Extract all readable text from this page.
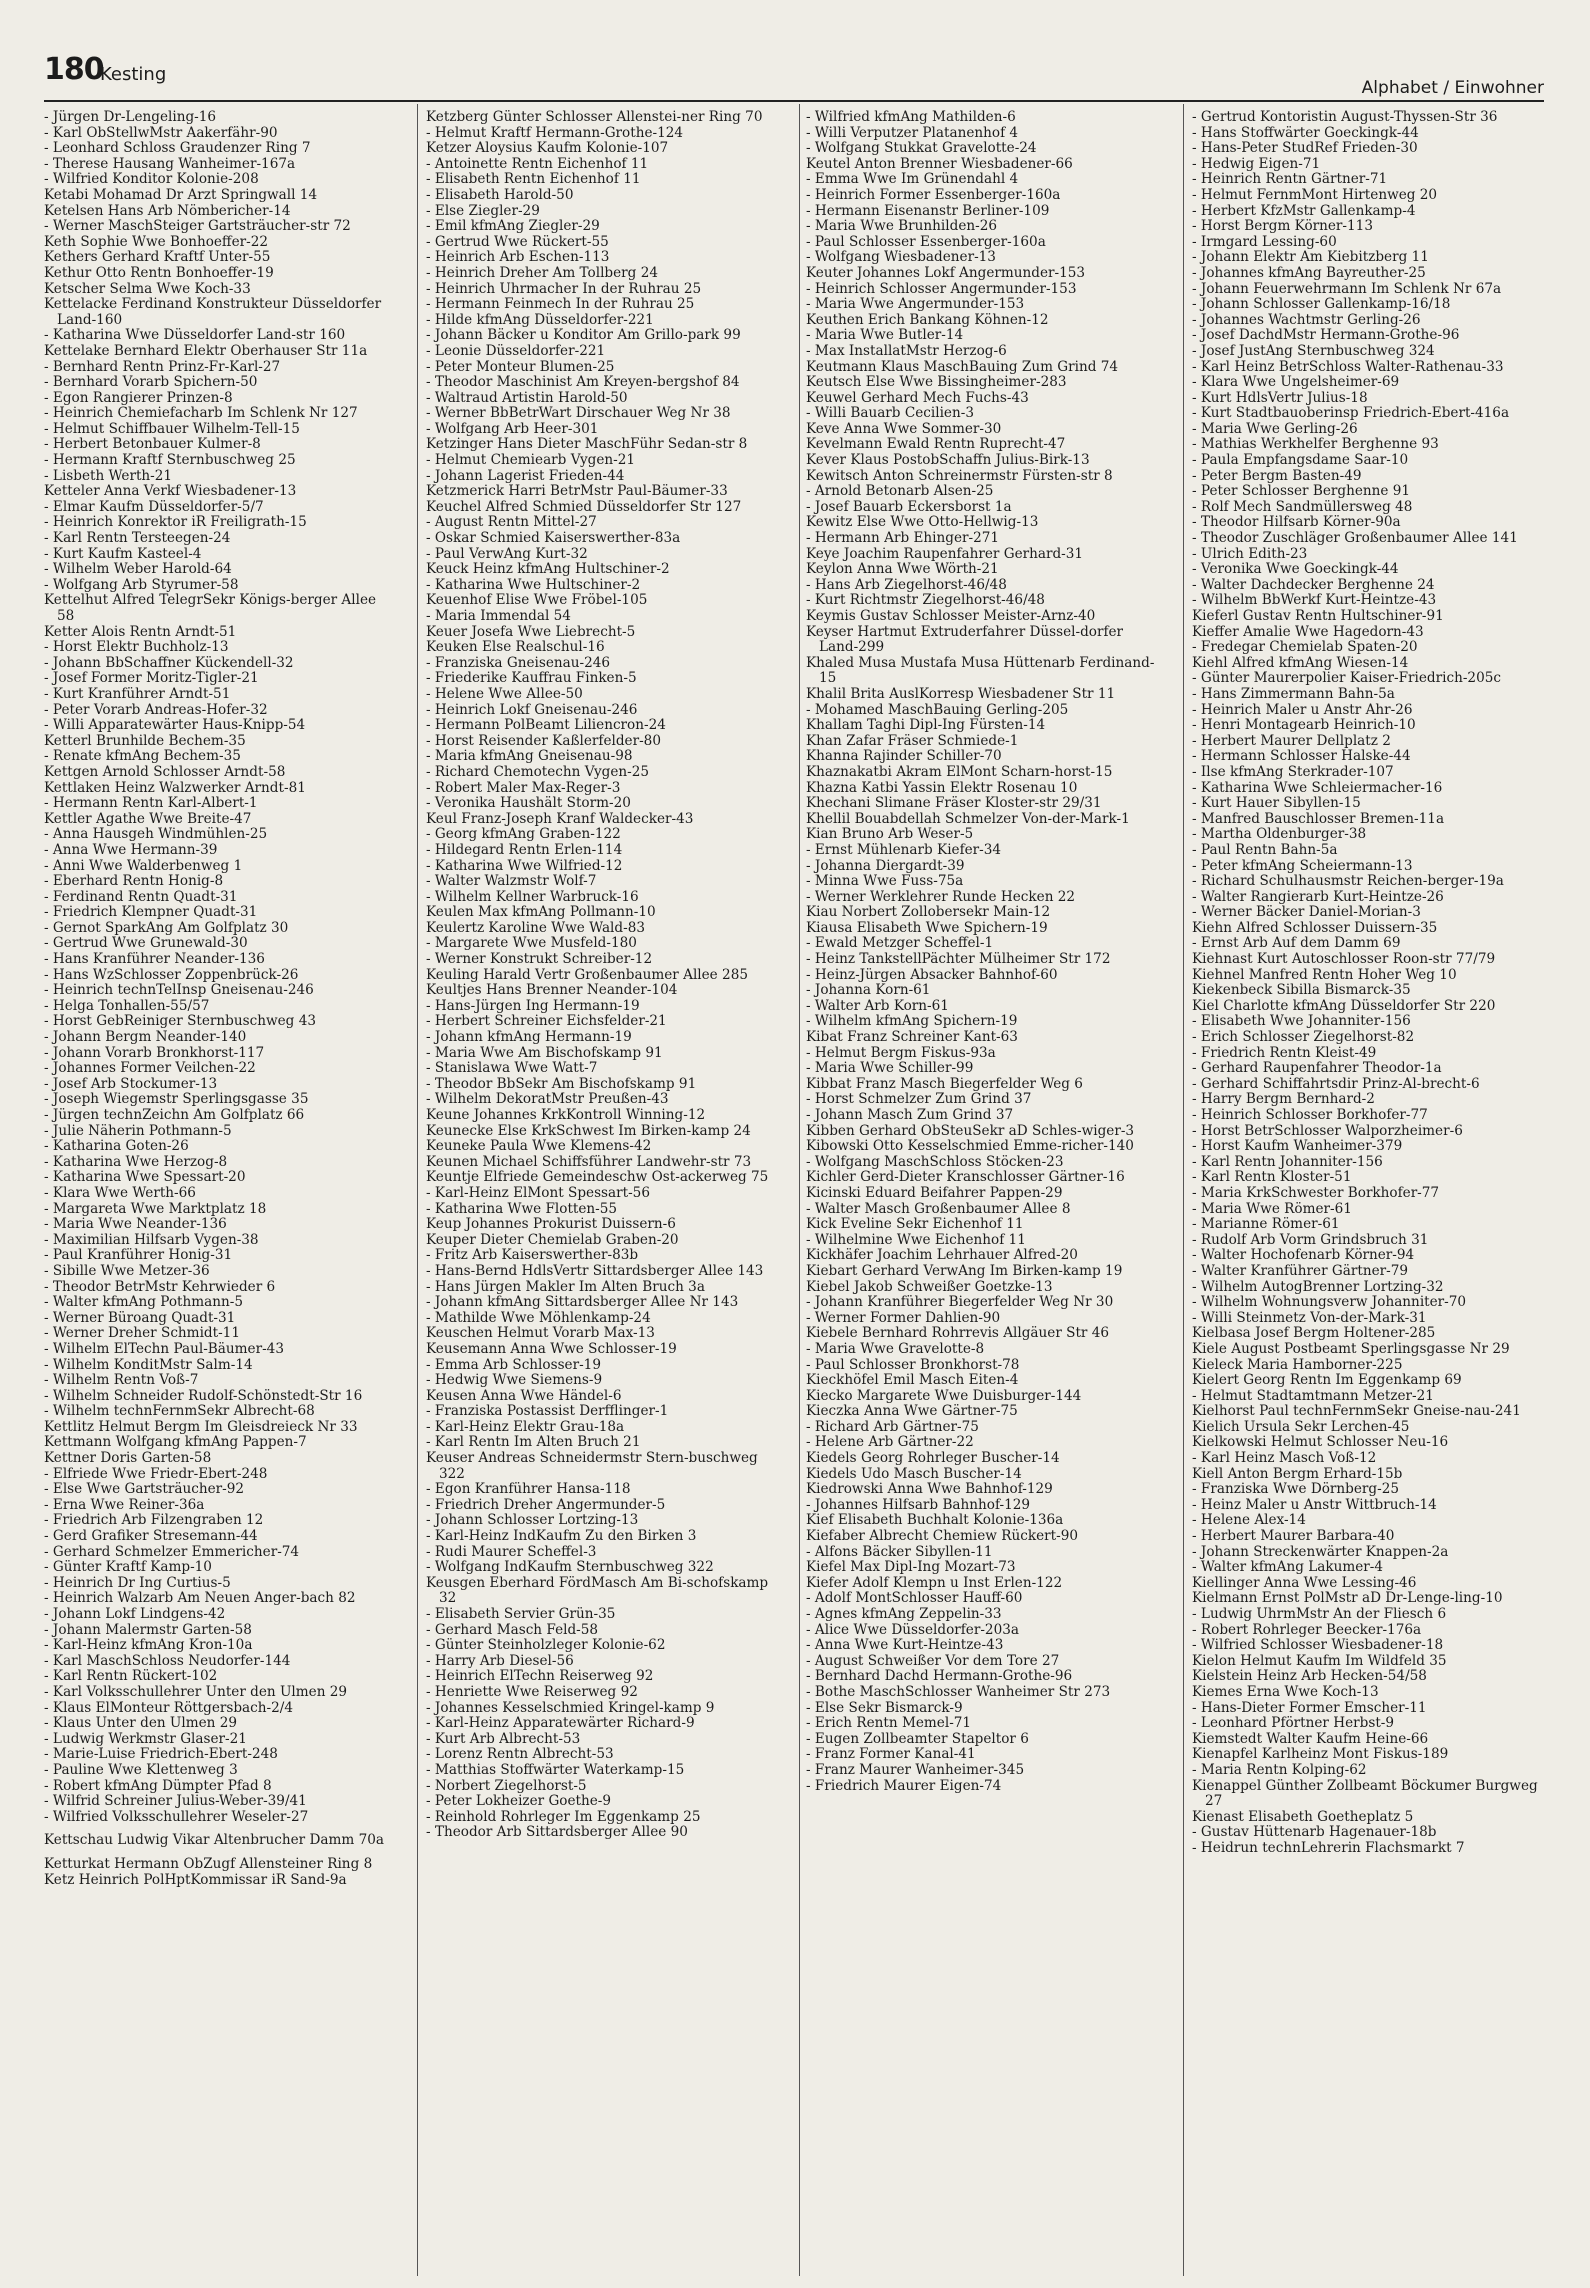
180
Kesting
Alphabet / Einwohner

- Jürgen Dr-Lengeling-16

- Karl ObStellwMstr Aakerfähr-90

- Leonhard Schloss Graudenzer Ring 7

- Therese Hausang Wanheimer-167a

- Wilfried Konditor Kolonie-208

Ketabi Mohamad Dr Arzt Springwall 14

Ketelsen Hans Arb Nömbericher-14

- Werner MaschSteiger Gartsträucher-str 72

Keth Sophie Wwe Bonhoeffer-22

Kethers Gerhard Kraftf Unter-55

Kethur Otto Rentn Bonhoeffer-19

Ketscher Selma Wwe Koch-33

Kettelacke Ferdinand Konstrukteur Düsseldorfer Land-160

- Katharina Wwe Düsseldorfer Land-str 160

Kettelake Bernhard Elektr Oberhauser Str 11a

- Bernhard Rentn Prinz-Fr-Karl-27

- Bernhard Vorarb Spichern-50

- Egon Rangierer Prinzen-8

- Heinrich Chemiefacharb Im Schlenk Nr 127

- Helmut Schiffbauer Wilhelm-Tell-15

- Herbert Betonbauer Kulmer-8

- Hermann Kraftf Sternbuschweg 25

- Lisbeth Werth-21

Ketteler Anna Verkf Wiesbadener-13

- Elmar Kaufm Düsseldorfer-5/7

- Heinrich Konrektor iR Freiligrath-15

- Karl Rentn Tersteegen-24

- Kurt Kaufm Kasteel-4

- Wilhelm Weber Harold-64

- Wolfgang Arb Styrumer-58

Kettelhut Alfred TelegrSekr Königs-berger Allee 58

Ketter Alois Rentn Arndt-51

- Horst Elektr Buchholz-13

- Johann BbSchaffner Kückendell-32

- Josef Former Moritz-Tigler-21

- Kurt Kranführer Arndt-51

- Peter Vorarb Andreas-Hofer-32

- Willi Apparatewärter Haus-Knipp-54

Ketterl Brunhilde Bechem-35

- Renate kfmAng Bechem-35

Kettgen Arnold Schlosser Arndt-58

Kettlaken Heinz Walzwerker Arndt-81

- Hermann Rentn Karl-Albert-1

Kettler Agathe Wwe Breite-47

- Anna Hausgeh Windmühlen-25

- Anna Wwe Hermann-39

- Anni Wwe Walderbenweg 1

- Eberhard Rentn Honig-8

- Ferdinand Rentn Quadt-31

- Friedrich Klempner Quadt-31

- Gernot SparkAng Am Golfplatz 30

- Gertrud Wwe Grunewald-30

- Hans Kranführer Neander-136

- Hans WzSchlosser Zoppenbrück-26

- Heinrich technTelInsp Gneisenau-246

- Helga Tonhallen-55/57

- Horst GebReiniger Sternbuschweg 43

- Johann Bergm Neander-140

- Johann Vorarb Bronkhorst-117

- Johannes Former Veilchen-22

- Josef Arb Stockumer-13

- Joseph Wiegemstr Sperlingsgasse 35

- Jürgen technZeichn Am Golfplatz 66

- Julie Näherin Pothmann-5

- Katharina Goten-26

- Katharina Wwe Herzog-8

- Katharina Wwe Spessart-20

- Klara Wwe Werth-66

- Margareta Wwe Marktplatz 18

- Maria Wwe Neander-136

- Maximilian Hilfsarb Vygen-38

- Paul Kranführer Honig-31

- Sibille Wwe Metzer-36

- Theodor BetrMstr Kehrwieder 6

- Walter kfmAng Pothmann-5

- Werner Büroang Quadt-31

- Werner Dreher Schmidt-11

- Wilhelm ElTechn Paul-Bäumer-43

- Wilhelm KonditMstr Salm-14

- Wilhelm Rentn Voß-7

- Wilhelm Schneider Rudolf-Schönstedt-Str 16

- Wilhelm technFernmSekr Albrecht-68

Kettlitz Helmut Bergm Im Gleisdreieck Nr 33

Kettmann Wolfgang kfmAng Pappen-7

Kettner Doris Garten-58

- Elfriede Wwe Friedr-Ebert-248

- Else Wwe Gartsträucher-92

- Erna Wwe Reiner-36a

- Friedrich Arb Filzengraben 12

- Gerd Grafiker Stresemann-44

- Gerhard Schmelzer Emmericher-74

- Günter Kraftf Kamp-10

- Heinrich Dr Ing Curtius-5

- Heinrich Walzarb Am Neuen Anger-bach 82

- Johann Lokf Lindgens-42

- Johann Malermstr Garten-58

- Karl-Heinz kfmAng Kron-10a

- Karl MaschSchloss Neudorfer-144

- Karl Rentn Rückert-102

- Karl Volksschullehrer Unter den Ulmen 29

- Klaus ElMonteur Röttgersbach-2/4

- Klaus Unter den Ulmen 29

- Ludwig Werkmstr Glaser-21

- Marie-Luise Friedrich-Ebert-248

- Pauline Wwe Klettenweg 3

- Robert kfmAng Dümpter Pfad 8

- Wilfrid Schreiner Julius-Weber-39/41

- Wilfried Volksschullehrer Weseler-27

Kettschau Ludwig Vikar Altenbrucher Damm 70a

Ketturkat Hermann ObZugf Allensteiner Ring 8

Ketz Heinrich PolHptKommissar iR Sand-9a

Ketzberg Günter Schlosser Allenstei-ner Ring 70

- Helmut Kraftf Hermann-Grothe-124

Ketzer Aloysius Kaufm Kolonie-107

- Antoinette Rentn Eichenhof 11

- Elisabeth Rentn Eichenhof 11

- Elisabeth Harold-50

- Else Ziegler-29

- Emil kfmAng Ziegler-29

- Gertrud Wwe Rückert-55

- Heinrich Arb Eschen-113

- Heinrich Dreher Am Tollberg 24

- Heinrich Uhrmacher In der Ruhrau 25

- Hermann Feinmech In der Ruhrau 25

- Hilde kfmAng Düsseldorfer-221

- Johann Bäcker u Konditor Am Grillo-park 99

- Leonie Düsseldorfer-221

- Peter Monteur Blumen-25

- Theodor Maschinist Am Kreyen-bergshof 84

- Waltraud Artistin Harold-50

- Werner BbBetrWart Dirschauer Weg Nr 38

- Wolfgang Arb Heer-301

Ketzinger Hans Dieter MaschFühr Sedan-str 8

- Helmut Chemiearb Vygen-21

- Johann Lagerist Frieden-44

Ketzmerick Harri BetrMstr Paul-Bäumer-33

Keuchel Alfred Schmied Düsseldorfer Str 127

- August Rentn Mittel-27

- Oskar Schmied Kaiserswerther-83a

- Paul VerwAng Kurt-32

Keuck Heinz kfmAng Hultschiner-2

- Katharina Wwe Hultschiner-2

Keuenhof Elise Wwe Fröbel-105

- Maria Immendal 54

Keuer Josefa Wwe Liebrecht-5

Keuken Else Realschul-16

- Franziska Gneisenau-246

- Friederike Kauffrau Finken-5

- Helene Wwe Allee-50

- Heinrich Lokf Gneisenau-246

- Hermann PolBeamt Liliencron-24

- Horst Reisender Kaßlerfelder-80

- Maria kfmAng Gneisenau-98

- Richard Chemotechn Vygen-25

- Robert Maler Max-Reger-3

- Veronika Haushält Storm-20

Keul Franz-Joseph Kranf Waldecker-43

- Georg kfmAng Graben-122

- Hildegard Rentn Erlen-114

- Katharina Wwe Wilfried-12

- Walter Walzmstr Wolf-7

- Wilhelm Kellner Warbruck-16

Keulen Max kfmAng Pollmann-10

Keulertz Karoline Wwe Wald-83

- Margarete Wwe Musfeld-180

- Werner Konstrukt Schreiber-12

Keuling Harald Vertr Großenbaumer Allee 285

Keultjes Hans Brenner Neander-104

- Hans-Jürgen Ing Hermann-19

- Herbert Schreiner Eichsfelder-21

- Johann kfmAng Hermann-19

- Maria Wwe Am Bischofskamp 91

- Stanislawa Wwe Watt-7

- Theodor BbSekr Am Bischofskamp 91

- Wilhelm DekoratMstr Preußen-43

Keune Johannes KrkKontroll Winning-12

Keunecke Else KrkSchwest Im Birken-kamp 24

Keuneke Paula Wwe Klemens-42

Keunen Michael Schiffsführer Landwehr-str 73

Keuntje Elfriede Gemeindeschw Ost-ackerweg 75

- Karl-Heinz ElMont Spessart-56

- Katharina Wwe Flotten-55

Keup Johannes Prokurist Duissern-6

Keuper Dieter Chemielab Graben-20

- Fritz Arb Kaiserswerther-83b

- Hans-Bernd HdlsVertr Sittardsberger Allee 143

- Hans Jürgen Makler Im Alten Bruch 3a

- Johann kfmAng Sittardsberger Allee Nr 143

- Mathilde Wwe Möhlenkamp-24

Keuschen Helmut Vorarb Max-13

Keusemann Anna Wwe Schlosser-19

- Emma Arb Schlosser-19

- Hedwig Wwe Siemens-9

Keusen Anna Wwe Händel-6

- Franziska Postassist Derfflinger-1

- Karl-Heinz Elektr Grau-18a

- Karl Rentn Im Alten Bruch 21

Keuser Andreas Schneidermstr Stern-buschweg 322

- Egon Kranführer Hansa-118

- Friedrich Dreher Angermunder-5

- Johann Schlosser Lortzing-13

- Karl-Heinz IndKaufm Zu den Birken 3

- Rudi Maurer Scheffel-3

- Wolfgang IndKaufm Sternbuschweg 322

Keusgen Eberhard FördMasch Am Bi-schofskamp 32

- Elisabeth Servier Grün-35

- Gerhard Masch Feld-58

- Günter Steinholzleger Kolonie-62

- Harry Arb Diesel-56

- Heinrich ElTechn Reiserweg 92

- Henriette Wwe Reiserweg 92

- Johannes Kesselschmied Kringel-kamp 9

- Karl-Heinz Apparatewärter Richard-9

- Kurt Arb Albrecht-53

- Lorenz Rentn Albrecht-53

- Matthias Stoffwärter Waterkamp-15

- Norbert Ziegelhorst-5

- Peter Lokheizer Goethe-9

- Reinhold Rohrleger Im Eggenkamp 25

- Theodor Arb Sittardsberger Allee 90

- Wilfried kfmAng Mathilden-6

- Willi Verputzer Platanenhof 4

- Wolfgang Stukkat Gravelotte-24

Keutel Anton Brenner Wiesbadener-66

- Emma Wwe Im Grünendahl 4

- Heinrich Former Essenberger-160a

- Hermann Eisenanstr Berliner-109

- Maria Wwe Brunhilden-26

- Paul Schlosser Essenberger-160a

- Wolfgang Wiesbadener-13

Keuter Johannes Lokf Angermunder-153

- Heinrich Schlosser Angermunder-153

- Maria Wwe Angermunder-153

Keuthen Erich Bankang Köhnen-12

- Maria Wwe Butler-14

- Max InstallatMstr Herzog-6

Keutmann Klaus MaschBauing Zum Grind 74

Keutsch Else Wwe Bissingheimer-283

Keuwel Gerhard Mech Fuchs-43

- Willi Bauarb Cecilien-3

Keve Anna Wwe Sommer-30

Kevelmann Ewald Rentn Ruprecht-47

Kever Klaus PostobSchaffn Julius-Birk-13

Kewitsch Anton Schreinermstr Fürsten-str 8

- Arnold Betonarb Alsen-25

- Josef Bauarb Eckersborst 1a

Kewitz Else Wwe Otto-Hellwig-13

- Hermann Arb Ehinger-271

Keye Joachim Raupenfahrer Gerhard-31

Keylon Anna Wwe Wörth-21

- Hans Arb Ziegelhorst-46/48

- Kurt Richtmstr Ziegelhorst-46/48

Keymis Gustav Schlosser Meister-Arnz-40

Keyser Hartmut Extruderfahrer Düssel-dorfer Land-299

Khaled Musa Mustafa Musa Hüttenarb Ferdinand-15

Khalil Brita AuslKorresp Wiesbadener Str 11

- Mohamed MaschBauing Gerling-205

Khallam Taghi Dipl-Ing Fürsten-14

Khan Zafar Fräser Schmiede-1

Khanna Rajinder Schiller-70

Khaznakatbi Akram ElMont Scharn-horst-15

Khazna Katbi Yassin Elektr Rosenau 10

Khechani Slimane Fräser Kloster-str 29/31

Khellil Bouabdellah Schmelzer Von-der-Mark-1

Kian Bruno Arb Weser-5

- Ernst Mühlenarb Kiefer-34

- Johanna Diergardt-39

- Minna Wwe Fuss-75a

- Werner Werklehrer Runde Hecken 22

Kiau Norbert Zollobersekr Main-12

Kiausa Elisabeth Wwe Spichern-19

- Ewald Metzger Scheffel-1

- Heinz TankstellPächter Mülheimer Str 172

- Heinz-Jürgen Absacker Bahnhof-60

- Johanna Korn-61

- Walter Arb Korn-61

- Wilhelm kfmAng Spichern-19

Kibat Franz Schreiner Kant-63

- Helmut Bergm Fiskus-93a

- Maria Wwe Schiller-99

Kibbat Franz Masch Biegerfelder Weg 6

- Horst Schmelzer Zum Grind 37

- Johann Masch Zum Grind 37

Kibben Gerhard ObSteuSekr aD Schles-wiger-3

Kibowski Otto Kesselschmied Emme-richer-140

- Wolfgang MaschSchloss Stöcken-23

Kichler Gerd-Dieter Kranschlosser Gärtner-16

Kicinski Eduard Beifahrer Pappen-29

- Walter Masch Großenbaumer Allee 8

Kick Eveline Sekr Eichenhof 11

- Wilhelmine Wwe Eichenhof 11

Kickhäfer Joachim Lehrhauer Alfred-20

Kiebart Gerhard VerwAng Im Birken-kamp 19

Kiebel Jakob Schweißer Goetzke-13

- Johann Kranführer Biegerfelder Weg Nr 30

- Werner Former Dahlien-90

Kiebele Bernhard Rohrrevis Allgäuer Str 46

- Maria Wwe Gravelotte-8

- Paul Schlosser Bronkhorst-78

Kieckhöfel Emil Masch Eiten-4

Kiecko Margarete Wwe Duisburger-144

Kieczka Anna Wwe Gärtner-75

- Richard Arb Gärtner-75

- Helene Arb Gärtner-22

Kiedels Georg Rohrleger Buscher-14

Kiedels Udo Masch Buscher-14

Kiedrowski Anna Wwe Bahnhof-129

- Johannes Hilfsarb Bahnhof-129

Kief Elisabeth Buchhalt Kolonie-136a

Kiefaber Albrecht Chemiew Rückert-90

- Alfons Bäcker Sibyllen-11

Kiefel Max Dipl-Ing Mozart-73

Kiefer Adolf Klempn u Inst Erlen-122

- Adolf MontSchlosser Hauff-60

- Agnes kfmAng Zeppelin-33

- Alice Wwe Düsseldorfer-203a

- Anna Wwe Kurt-Heintze-43

- August Schweißer Vor dem Tore 27

- Bernhard Dachd Hermann-Grothe-96

- Bothe MaschSchlosser Wanheimer Str 273

- Else Sekr Bismarck-9

- Erich Rentn Memel-71

- Eugen Zollbeamter Stapeltor 6

- Franz Former Kanal-41

- Franz Maurer Wanheimer-345

- Friedrich Maurer Eigen-74

- Gertrud Kontoristin August-Thyssen-Str 36

- Hans Stoffwärter Goeckingk-44

- Hans-Peter StudRef Frieden-30

- Hedwig Eigen-71

- Heinrich Rentn Gärtner-71

- Helmut FernmMont Hirtenweg 20

- Herbert KfzMstr Gallenkamp-4

- Horst Bergm Körner-113

- Irmgard Lessing-60

- Johann Elektr Am Kiebitzberg 11

- Johannes kfmAng Bayreuther-25

- Johann Feuerwehrmann Im Schlenk Nr 67a

- Johann Schlosser Gallenkamp-16/18

- Johannes Wachtmstr Gerling-26

- Josef DachdMstr Hermann-Grothe-96

- Josef JustAng Sternbuschweg 324

- Karl Heinz BetrSchloss Walter-Rathenau-33

- Klara Wwe Ungelsheimer-69

- Kurt HdlsVertr Julius-18

- Kurt Stadtbauoberinsp Friedrich-Ebert-416a

- Maria Wwe Gerling-26

- Mathias Werkhelfer Berghenne 93

- Paula Empfangsdame Saar-10

- Peter Bergm Basten-49

- Peter Schlosser Berghenne 91

- Rolf Mech Sandmüllersweg 48

- Theodor Hilfsarb Körner-90a

- Theodor Zuschläger Großenbaumer Allee 141

- Ulrich Edith-23

- Veronika Wwe Goeckingk-44

- Walter Dachdecker Berghenne 24

- Wilhelm BbWerkf Kurt-Heintze-43

Kieferl Gustav Rentn Hultschiner-91

Kieffer Amalie Wwe Hagedorn-43

- Fredegar Chemielab Spaten-20

Kiehl Alfred kfmAng Wiesen-14

- Günter Maurerpolier Kaiser-Friedrich-205c

- Hans Zimmermann Bahn-5a

- Heinrich Maler u Anstr Ahr-26

- Henri Montagearb Heinrich-10

- Herbert Maurer Dellplatz 2

- Hermann Schlosser Halske-44

- Ilse kfmAng Sterkrader-107

- Katharina Wwe Schleiermacher-16

- Kurt Hauer Sibyllen-15

- Manfred Bauschlosser Bremen-11a

- Martha Oldenburger-38

- Paul Rentn Bahn-5a

- Peter kfmAng Scheiermann-13

- Richard Schulhausmstr Reichen-berger-19a

- Walter Rangierarb Kurt-Heintze-26

- Werner Bäcker Daniel-Morian-3

Kiehn Alfred Schlosser Duissern-35

- Ernst Arb Auf dem Damm 69

Kiehnast Kurt Autoschlosser Roon-str 77/79

Kiehnel Manfred Rentn Hoher Weg 10

Kiekenbeck Sibilla Bismarck-35

Kiel Charlotte kfmAng Düsseldorfer Str 220

- Elisabeth Wwe Johanniter-156

- Erich Schlosser Ziegelhorst-82

- Friedrich Rentn Kleist-49

- Gerhard Raupenfahrer Theodor-1a

- Gerhard Schiffahrtsdir Prinz-Al-brecht-6

- Harry Bergm Bernhard-2

- Heinrich Schlosser Borkhofer-77

- Horst BetrSchlosser Walporzheimer-6

- Horst Kaufm Wanheimer-379

- Karl Rentn Johanniter-156

- Karl Rentn Kloster-51

- Maria KrkSchwester Borkhofer-77

- Maria Wwe Römer-61

- Marianne Römer-61

- Rudolf Arb Vorm Grindsbruch 31

- Walter Hochofenarb Körner-94

- Walter Kranführer Gärtner-79

- Wilhelm AutogBrenner Lortzing-32

- Wilhelm Wohnungsverw Johanniter-70

- Willi Steinmetz Von-der-Mark-31

Kielbasa Josef Bergm Holtener-285

Kiele August Postbeamt Sperlingsgasse Nr 29

Kieleck Maria Hamborner-225

Kielert Georg Rentn Im Eggenkamp 69

- Helmut Stadtamtmann Metzer-21

Kielhorst Paul technFernmSekr Gneise-nau-241

Kielich Ursula Sekr Lerchen-45

Kielkowski Helmut Schlosser Neu-16

- Karl Heinz Masch Voß-12

Kiell Anton Bergm Erhard-15b

- Franziska Wwe Dörnberg-25

- Heinz Maler u Anstr Wittbruch-14

- Helene Alex-14

- Herbert Maurer Barbara-40

- Johann Streckenwärter Knappen-2a

- Walter kfmAng Lakumer-4

Kiellinger Anna Wwe Lessing-46

Kielmann Ernst PolMstr aD Dr-Lenge-ling-10

- Ludwig UhrmMstr An der Fliesch 6

- Robert Rohrleger Beecker-176a

- Wilfried Schlosser Wiesbadener-18

Kielon Helmut Kaufm Im Wildfeld 35

Kielstein Heinz Arb Hecken-54/58

Kiemes Erna Wwe Koch-13

- Hans-Dieter Former Emscher-11

- Leonhard Pförtner Herbst-9

Kiemstedt Walter Kaufm Heine-66

Kienapfel Karlheinz Mont Fiskus-189

- Maria Rentn Kolping-62

Kienappel Günther Zollbeamt Böckumer Burgweg 27

Kienast Elisabeth Goetheplatz 5

- Gustav Hüttenarb Hagenauer-18b

- Heidrun technLehrerin Flachsmarkt 7
